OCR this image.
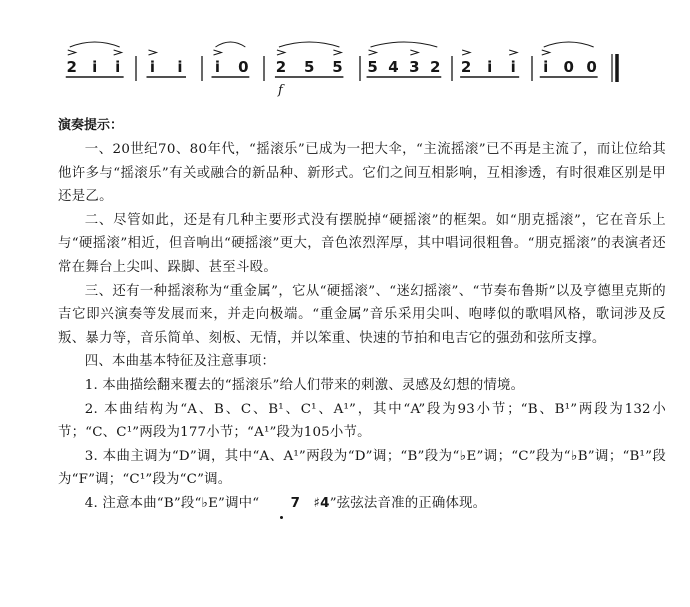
2 i i i i i 0 2 5 5 5 4 3 2 2 i i i 0 0
f
演奏提示：

一、20世纪70、80年代，“摇滚乐”已成为一把大伞，“主流摇滚”已不再是主流了，而让位给其他许多与“摇滚乐”有关或融合的新品种、新形式。它们之间互相影响，互相渗透，有时很难区别是甲还是乙。

二、尽管如此，还是有几种主要形式没有摆脱掉“硬摇滚”的框架。如“朋克摇滚”，它在音乐上与“硬摇滚”相近，但音响出“硬摇滚”更大，音色浓烈浑厚，其中唱词很粗鲁。“朋克摇滚”的表演者还常在舞台上尖叫、跺脚、甚至斗殴。

三、还有一种摇滚称为“重金属”，它从“硬摇滚”、“迷幻摇滚”、“节奏布鲁斯”以及亨德里克斯的吉它即兴演奏等发展而来，并走向极端。“重金属”音乐采用尖叫、咆哮似的歌唱风格，歌词涉及反叛、暴力等，音乐简单、刻板、无情，并以笨重、快速的节拍和电吉它的强劲和弦所支撑。

四、本曲基本特征及注意事项：

1. 本曲描绘翻来覆去的“摇滚乐”给人们带来的刺激、灵感及幻想的情境。

2. 本曲结构为“A、B、C、B¹、C¹、A¹”，其中“A”段为93小节；“B、B¹”两段为132小节；“C、C¹”两段为177小节；“A¹”段为105小节。

3. 本曲主调为“D”调，其中“A、A¹”两段为“D”调；“B”段为“♭E”调；“C”段为“♭B”调；“B¹”段为“F”调；“C¹”段为“C”调。

4. 注意本曲“B”段“♭E”调中“ 7 ♯4”弦弦法音准的正确体现。
